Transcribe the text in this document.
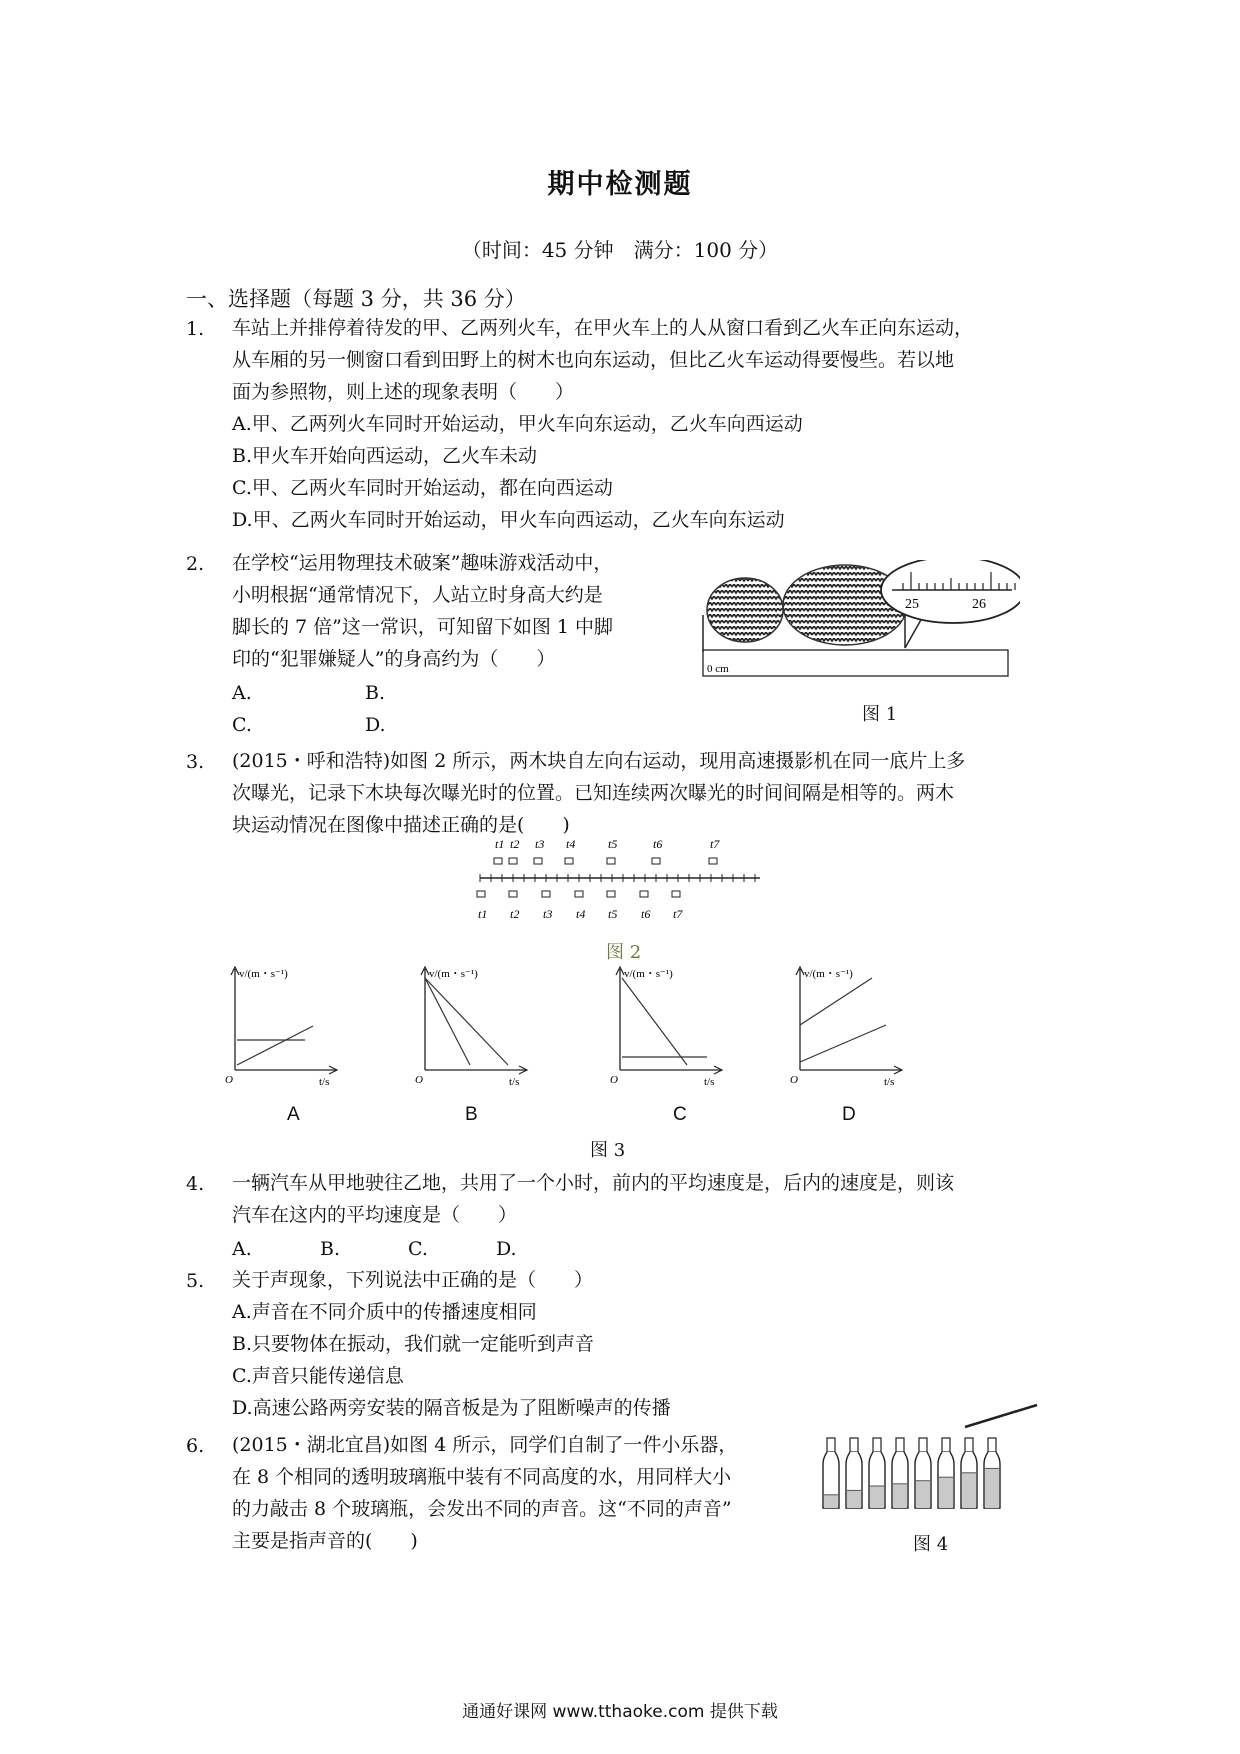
期中检测题
（时间：45 分钟　满分：100 分）
一、选择题（每题 3 分，共 36 分）
1. 车站上并排停着待发的甲、乙两列火车，在甲火车上的人从窗口看到乙火车正向东运动，
从车厢的另一侧窗口看到田野上的树木也向东运动，但比乙火车运动得要慢些。若以地
面为参照物，则上述的现象表明（　　）
A.甲、乙两列火车同时开始运动，甲火车向东运动，乙火车向西运动
B.甲火车开始向西运动，乙火车未动
C.甲、乙两火车同时开始运动，都在向西运动
D.甲、乙两火车同时开始运动，甲火车向西运动，乙火车向东运动
2. 在学校“运用物理技术破案”趣味游戏活动中，
小明根据“通常情况下，人站立时身高大约是
脚长的 7 倍”这一常识，可知留下如图 1 中脚
印的“犯罪嫌疑人”的身高约为（　　）
A.	B.
C.	D.
0 cm
25	26
图 1
3. (2015・呼和浩特)如图 2 所示，两木块自左向右运动，现用高速摄影机在同一底片上多
次曝光，记录下木块每次曝光时的位置。已知连续两次曝光的时间间隔是相等的。两木
块运动情况在图像中描述正确的是(　　)
t1 t2 t3 t4	t5	t6	t7
t1 t2 t3 t4 t5 t6 t7
图 2
v/(m・s⁻¹)
t/s
O
v/(m・s⁻¹)
t/s
O
v/(m・s⁻¹)
t/s
O
v/(m・s⁻¹)
t/s
O
A	B	C	D
图 3
4. 一辆汽车从甲地驶往乙地，共用了一个小时，前内的平均速度是，后内的速度是，则该
汽车在这内的平均速度是（　　）
A.	B.	C.	D.
5. 关于声现象，下列说法中正确的是（　　）
A.声音在不同介质中的传播速度相同
B.只要物体在振动，我们就一定能听到声音
C.声音只能传递信息
D.高速公路两旁安装的隔音板是为了阻断噪声的传播
6. (2015・湖北宜昌)如图 4 所示，同学们自制了一件小乐器，
在 8 个相同的透明玻璃瓶中装有不同高度的水，用同样大小
的力敲击 8 个玻璃瓶，会发出不同的声音。这“不同的声音”
主要是指声音的(　　)	图 4
通通好课网 www.tthaoke.com 提供下载
